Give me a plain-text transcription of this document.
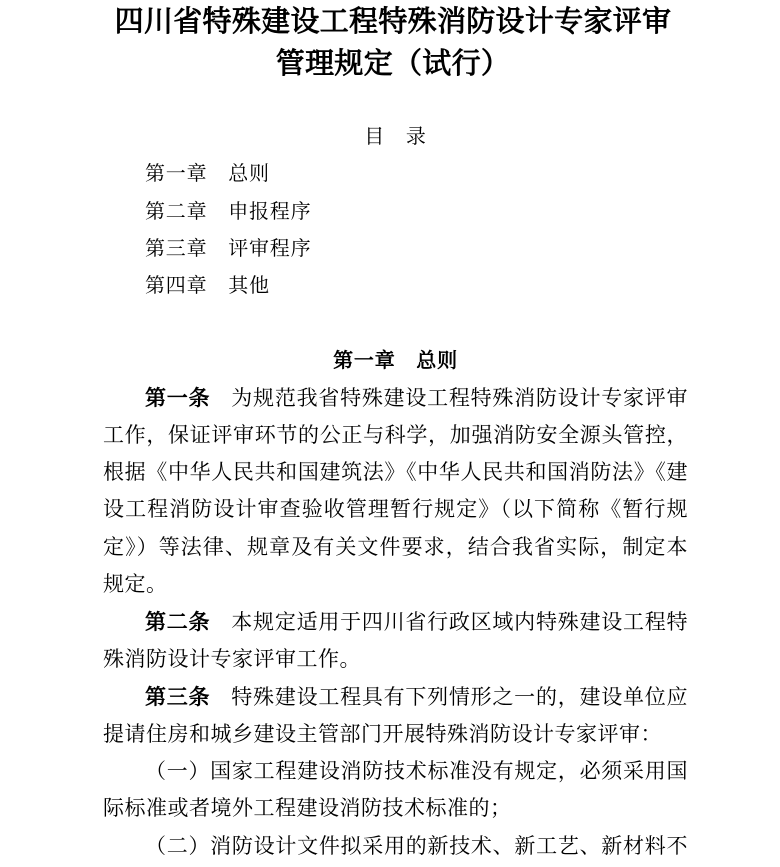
四川省特殊建设工程特殊消防设计专家评审
管理规定（试行）
目　录
第一章　总则
第二章　申报程序
第三章　评审程序
第四章　其他
第一章　总则
第一条 为规范我省特殊建设工程特殊消防设计专家评审
工作，保证评审环节的公正与科学，加强消防安全源头管控，
根据《中华人民共和国建筑法》《中华人民共和国消防法》《建
设工程消防设计审查验收管理暂行规定》（以下简称《暂行规
定》）等法律、规章及有关文件要求，结合我省实际，制定本
规定。
第二条 本规定适用于四川省行政区域内特殊建设工程特
殊消防设计专家评审工作。
第三条 特殊建设工程具有下列情形之一的，建设单位应
提请住房和城乡建设主管部门开展特殊消防设计专家评审：
（一）国家工程建设消防技术标准没有规定，必须采用国
际标准或者境外工程建设消防技术标准的；
（二）消防设计文件拟采用的新技术、新工艺、新材料不
